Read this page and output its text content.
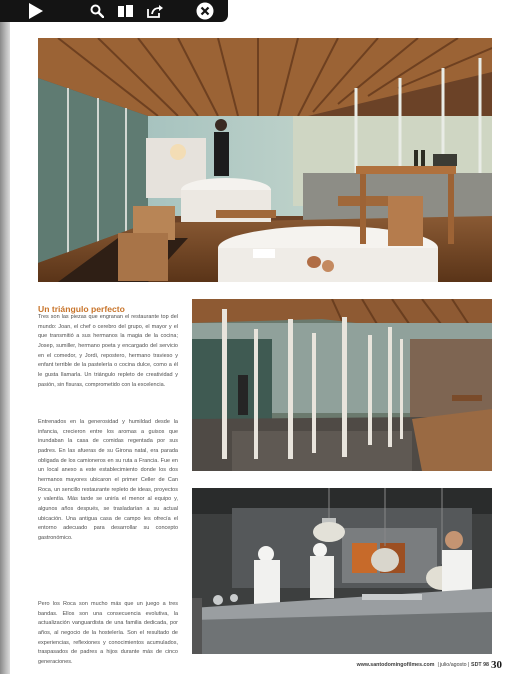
Un triángulo perfecto

Tres son las piezas que engranan el restaurante top del mundo: Joan, el chef o cerebro del grupo, el mayor y el que transmitió a sus hermanos la magia de la cocina; Josep, sumiller, hermano poeta y encargado del servicio en el comedor, y Jordi, repostero, hermano travieso y enfant terrible de la pastelería o cocina dulce, como a él le gusta llamarla. Un triángulo repleto de creatividad y pasión, sin fisuras, comprometido con la excelencia.

Entrenados en la generosidad y humildad desde la infancia, crecieron entre los aromas a guisos que inundaban la casa de comidas regentada por sus padres. En las afueras de su Girona natal, era parada obligada de los camioneros en su ruta a Francia. Fue en un local anexo a este establecimiento donde los dos hermanos mayores ubicaron el primer Celler de Can Roca, un sencillo restaurante repleto de ideas, proyectos y valentía. Más tarde se uniría el menor al equipo y, algunos años después, se trasladarían a su actual ubicación. Una antigua casa de campo les ofrecía el entorno adecuado para desarrollar su concepto gastronómico.

Pero los Roca son mucho más que un juego a tres bandas. Ellos son una consecuencia evolutiva, la actualización vanguardista de una familia dedicada, por años, al negocio de la hostelería. Son el resultado de experiencias, reflexiones y conocimientos acumulados, traspasados de padres a hijos durante más de cinco generaciones.

www.santodomingofilmes.com | julio/agosto | SDT 98 30
